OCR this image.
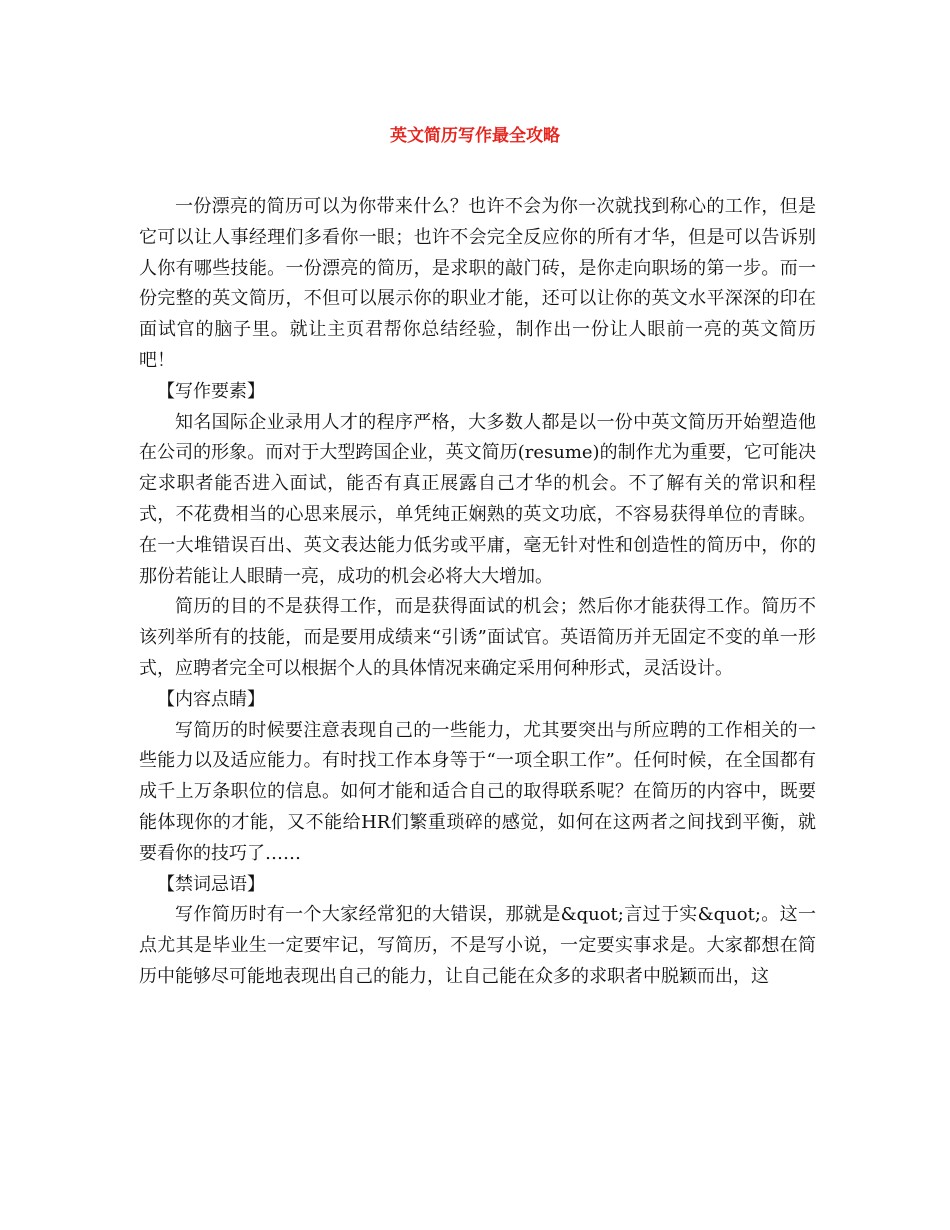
英文简历写作最全攻略

一份漂亮的简历可以为你带来什么？也许不会为你一次就找到称心的工作，但是它可以让人事经理们多看你一眼；也许不会完全反应你的所有才华，但是可以告诉别人你有哪些技能。一份漂亮的简历，是求职的敲门砖，是你走向职场的第一步。而一份完整的英文简历，不但可以展示你的职业才能，还可以让你的英文水平深深的印在面试官的脑子里。就让主页君帮你总结经验，制作出一份让人眼前一亮的英文简历吧！

【写作要素】

知名国际企业录用人才的程序严格，大多数人都是以一份中英文简历开始塑造他在公司的形象。而对于大型跨国企业，英文简历(resume)的制作尤为重要，它可能决定求职者能否进入面试，能否有真正展露自己才华的机会。不了解有关的常识和程式，不花费相当的心思来展示，单凭纯正娴熟的英文功底，不容易获得单位的青睐。在一大堆错误百出、英文表达能力低劣或平庸，毫无针对性和创造性的简历中，你的那份若能让人眼睛一亮，成功的机会必将大大增加。

简历的目的不是获得工作，而是获得面试的机会；然后你才能获得工作。简历不该列举所有的技能，而是要用成绩来“引诱”面试官。英语简历并无固定不变的单一形式，应聘者完全可以根据个人的具体情况来确定采用何种形式，灵活设计。

【内容点睛】

写简历的时候要注意表现自己的一些能力，尤其要突出与所应聘的工作相关的一些能力以及适应能力。有时找工作本身等于“一项全职工作”。任何时候，在全国都有成千上万条职位的信息。如何才能和适合自己的取得联系呢？在简历的内容中，既要能体现你的才能，又不能给HR们繁重琐碎的感觉，如何在这两者之间找到平衡，就要看你的技巧了……

【禁词忌语】

写作简历时有一个大家经常犯的大错误，那就是&quot;言过于实&quot;。这一点尤其是毕业生一定要牢记，写简历，不是写小说，一定要实事求是。大家都想在简历中能够尽可能地表现出自己的能力，让自己能在众多的求职者中脱颖而出，这
